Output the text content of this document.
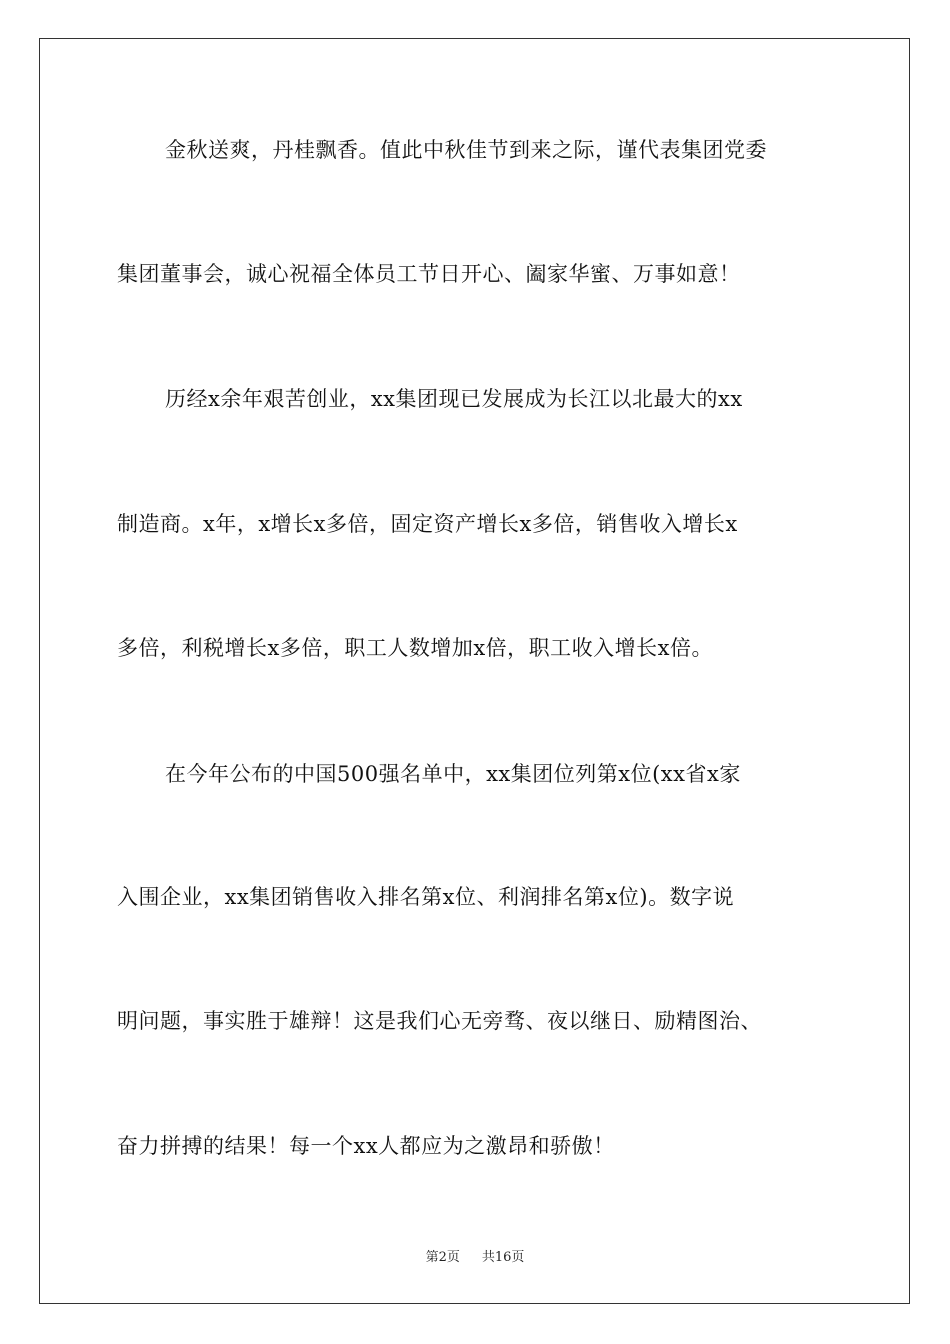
金秋送爽，丹桂飘香。值此中秋佳节到来之际，谨代表集团党委
集团董事会，诚心祝福全体员工节日开心、阖家华蜜、万事如意！
历经x余年艰苦创业，xx集团现已发展成为长江以北最大的xx
制造商。x年，x增长x多倍，固定资产增长x多倍，销售收入增长x
多倍，利税增长x多倍，职工人数增加x倍，职工收入增长x倍。
在今年公布的中国500强名单中，xx集团位列第x位(xx省x家
入围企业，xx集团销售收入排名第x位、利润排名第x位)。数字说
明问题，事实胜于雄辩！这是我们心无旁骛、夜以继日、励精图治、
奋力拼搏的结果！每一个xx人都应为之激昂和骄傲！
第2页 共16页
